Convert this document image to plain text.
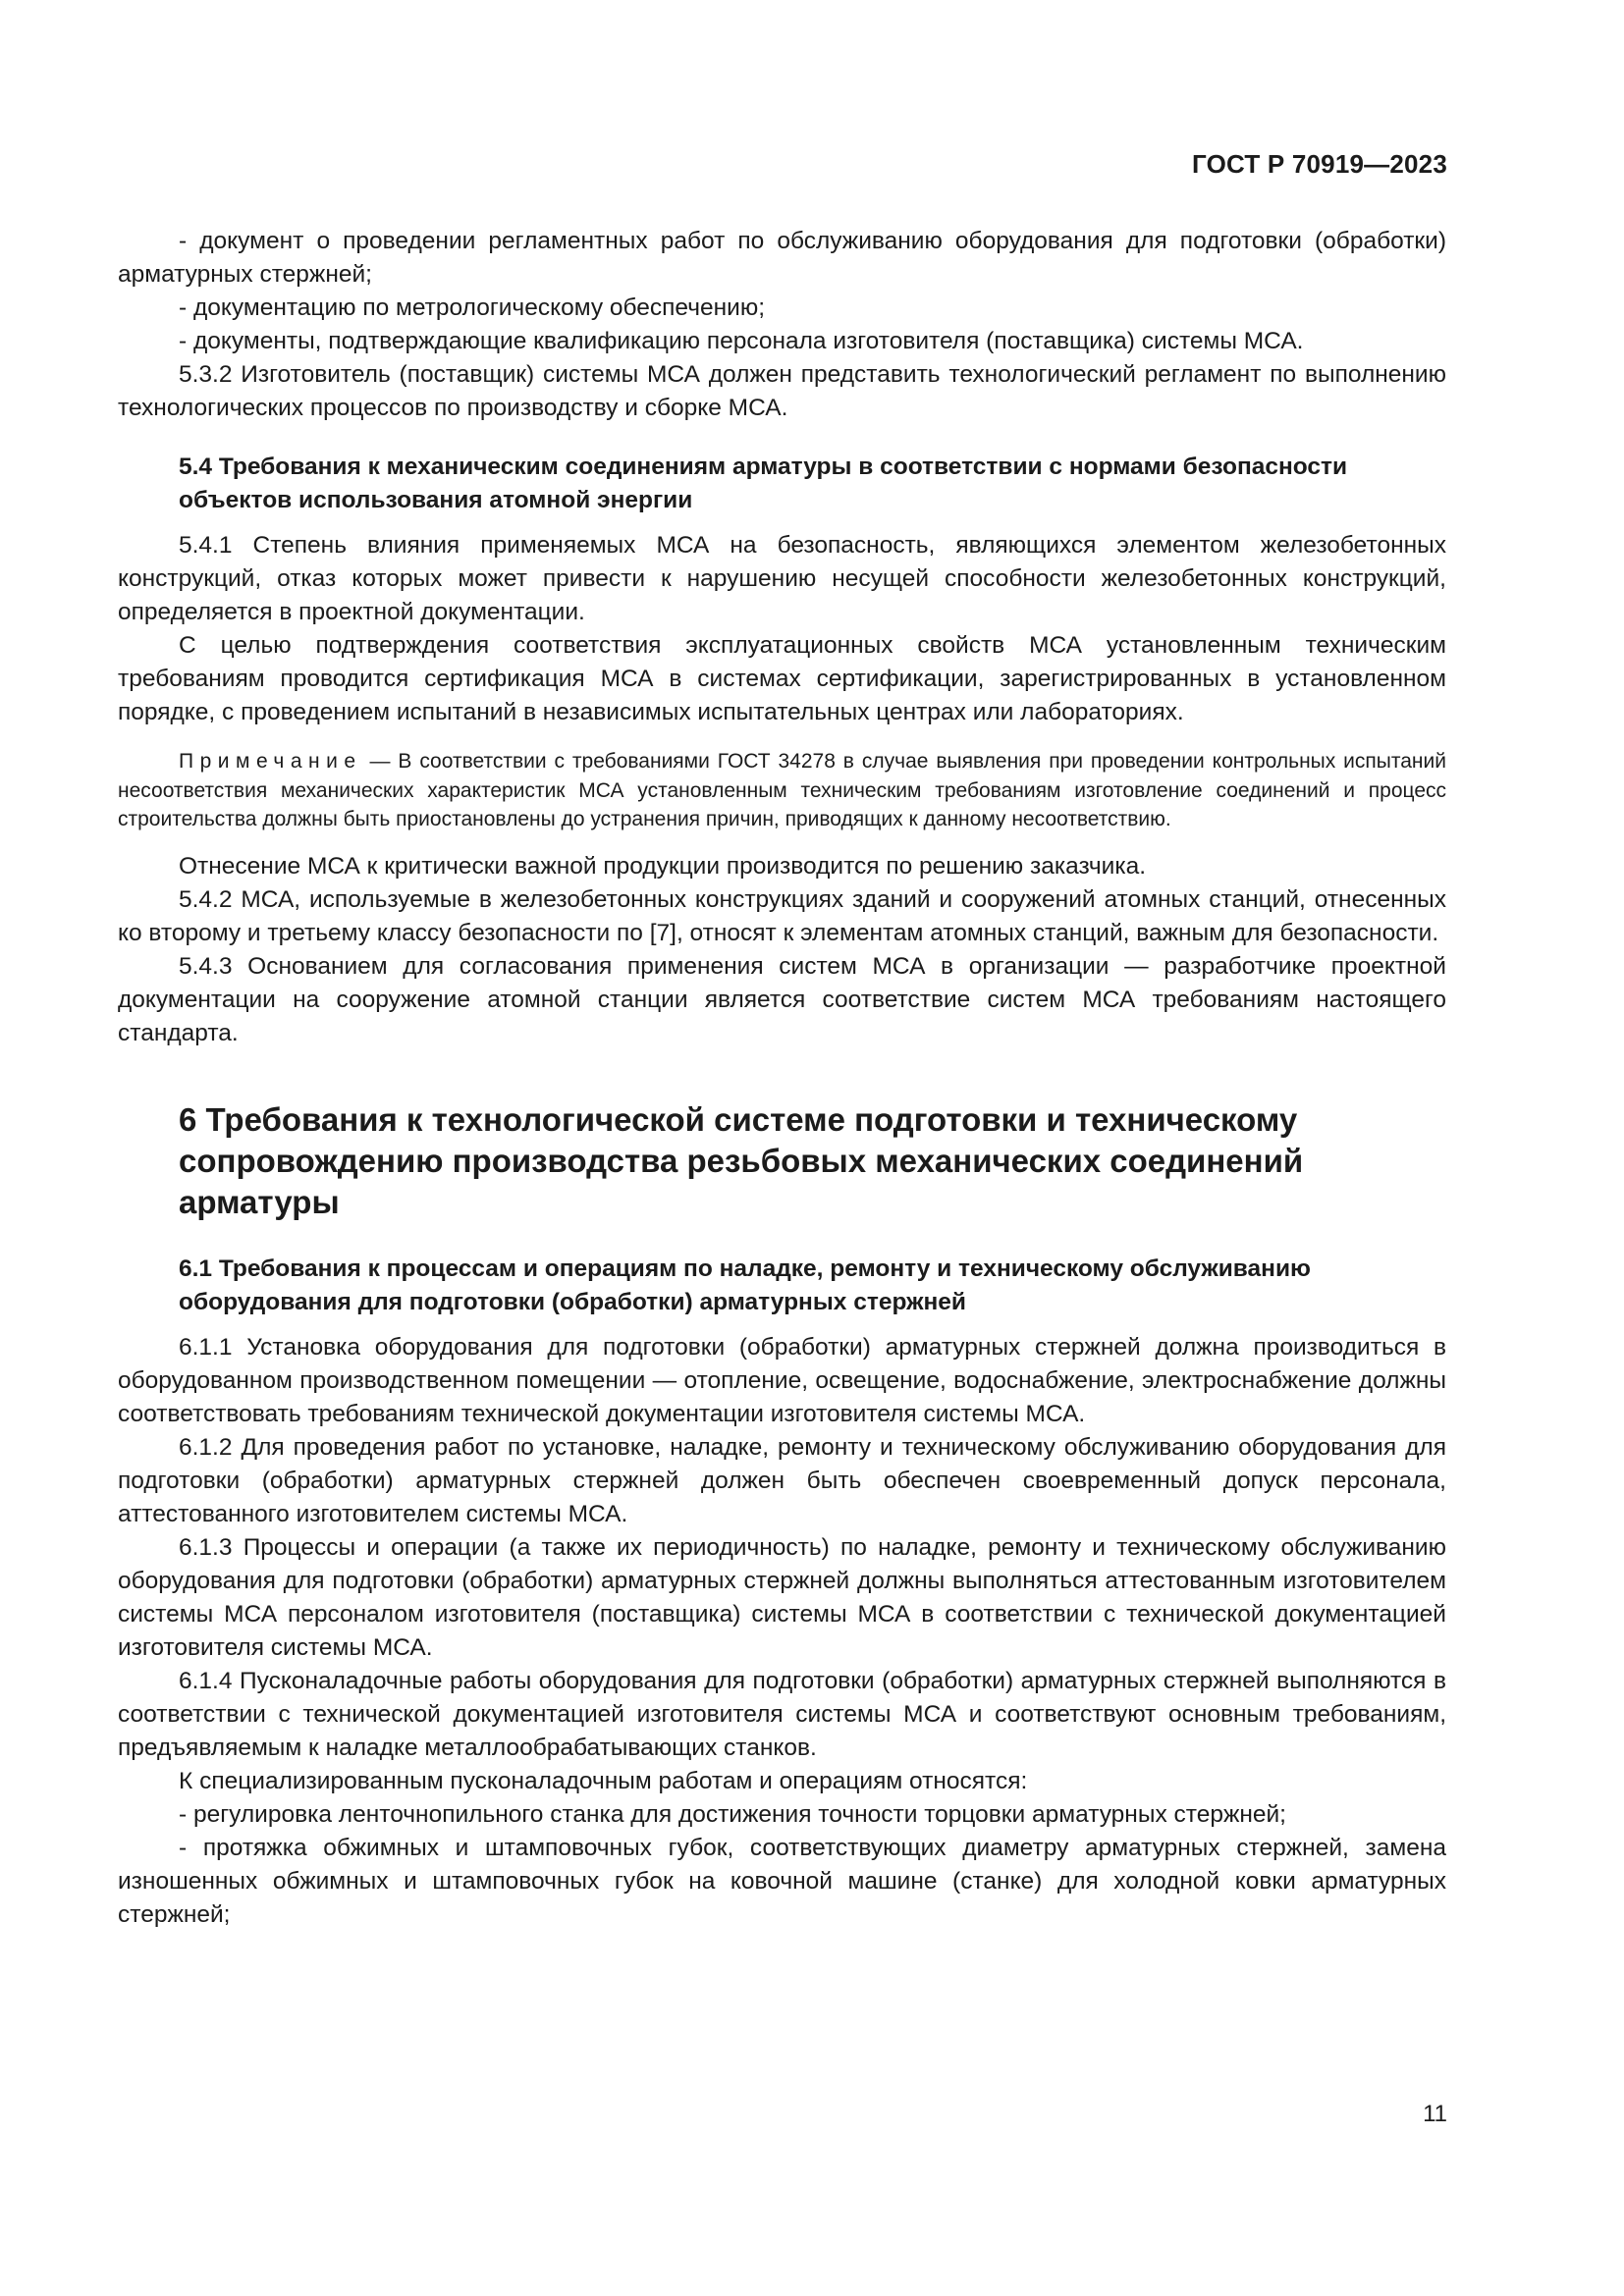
ГОСТ Р 70919—2023

- документ о проведении регламентных работ по обслуживанию оборудования для подготовки (обработки) арматурных стержней;

- документацию по метрологическому обеспечению;

- документы, подтверждающие квалификацию персонала изготовителя (поставщика) системы МСА.

5.3.2 Изготовитель (поставщик) системы МСА должен представить технологический регламент по выполнению технологических процессов по производству и сборке МСА.

5.4 Требования к механическим соединениям арматуры в соответствии с нормами безопасности объектов использования атомной энергии

5.4.1 Степень влияния применяемых МСА на безопасность, являющихся элементом железобетонных конструкций, отказ которых может привести к нарушению несущей способности железобетонных конструкций, определяется в проектной документации.

С целью подтверждения соответствия эксплуатационных свойств МСА установленным техническим требованиям проводится сертификация МСА в системах сертификации, зарегистрированных в установленном порядке, с проведением испытаний в независимых испытательных центрах или лабораториях.

Примечание — В соответствии с требованиями ГОСТ 34278 в случае выявления при проведении контрольных испытаний несоответствия механических характеристик МСА установленным техническим требованиям изготовление соединений и процесс строительства должны быть приостановлены до устранения причин, приводящих к данному несоответствию.

Отнесение МСА к критически важной продукции производится по решению заказчика.

5.4.2 МСА, используемые в железобетонных конструкциях зданий и сооружений атомных станций, отнесенных ко второму и третьему классу безопасности по [7], относят к элементам атомных станций, важным для безопасности.

5.4.3 Основанием для согласования применения систем МСА в организации — разработчике проектной документации на сооружение атомной станции является соответствие систем МСА требованиям настоящего стандарта.

6 Требования к технологической системе подготовки и техническому сопровождению производства резьбовых механических соединений арматуры
6.1 Требования к процессам и операциям по наладке, ремонту и техническому обслуживанию оборудования для подготовки (обработки) арматурных стержней

6.1.1 Установка оборудования для подготовки (обработки) арматурных стержней должна производиться в оборудованном производственном помещении — отопление, освещение, водоснабжение, электроснабжение должны соответствовать требованиям технической документации изготовителя системы МСА.

6.1.2 Для проведения работ по установке, наладке, ремонту и техническому обслуживанию оборудования для подготовки (обработки) арматурных стержней должен быть обеспечен своевременный допуск персонала, аттестованного изготовителем системы МСА.

6.1.3 Процессы и операции (а также их периодичность) по наладке, ремонту и техническому обслуживанию оборудования для подготовки (обработки) арматурных стержней должны выполняться аттестованным изготовителем системы МСА персоналом изготовителя (поставщика) системы МСА в соответствии с технической документацией изготовителя системы МСА.

6.1.4 Пусконаладочные работы оборудования для подготовки (обработки) арматурных стержней выполняются в соответствии с технической документацией изготовителя системы МСА и соответствуют основным требованиям, предъявляемым к наладке металлообрабатывающих станков.

К специализированным пусконаладочным работам и операциям относятся:

- регулировка ленточнопильного станка для достижения точности торцовки арматурных стержней;

- протяжка обжимных и штамповочных губок, соответствующих диаметру арматурных стержней, замена изношенных обжимных и штамповочных губок на ковочной машине (станке) для холодной ковки арматурных стержней;

11
